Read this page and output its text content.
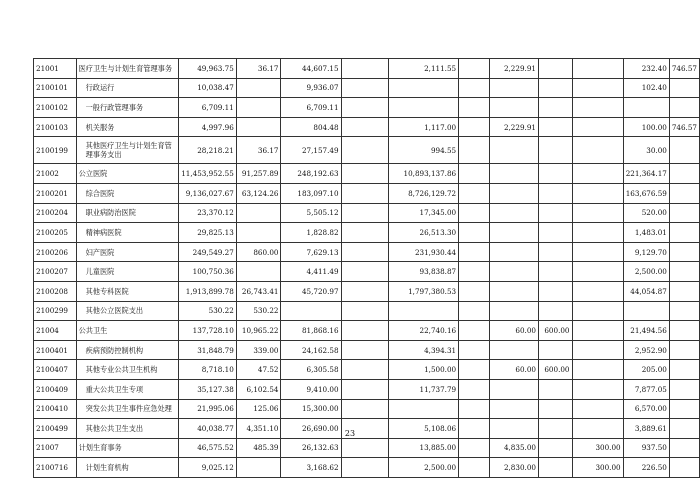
21001	医疗卫生与计划生育管理事务	49,963.75	36.17	44,607.15		2,111.55		2,229.91			232.40	746.57
2100101	行政运行	10,038.47		9,936.07							102.40	
2100102	一般行政管理事务	6,709.11		6,709.11								
2100103	机关服务	4,997.96		804.48		1,117.00		2,229.91			100.00	746.57
2100199	其他医疗卫生与计划生育管理事务支出	28,218.21	36.17	27,157.49		994.55					30.00	
21002	公立医院	11,453,952.55	91,257.89	248,192.63		10,893,137.86					221,364.17	
2100201	综合医院	9,136,027.67	63,124.26	183,097.10		8,726,129.72					163,676.59	
2100204	职业病防治医院	23,370.12		5,505.12		17,345.00					520.00	
2100205	精神病医院	29,825.13		1,828.82		26,513.30					1,483.01	
2100206	妇产医院	249,549.27	860.00	7,629.13		231,930.44					9,129.70	
2100207	儿童医院	100,750.36		4,411.49		93,838.87					2,500.00	
2100208	其他专科医院	1,913,899.78	26,743.41	45,720.97		1,797,380.53					44,054.87	
2100299	其他公立医院支出	530.22	530.22									
21004	公共卫生	137,728.10	10,965.22	81,868.16		22,740.16		60.00	600.00		21,494.56	
2100401	疾病预防控制机构	31,848.79	339.00	24,162.58		4,394.31					2,952.90	
2100407	其他专业公共卫生机构	8,718.10	47.52	6,305.58		1,500.00		60.00	600.00		205.00	
2100409	重大公共卫生专项	35,127.38	6,102.54	9,410.00		11,737.79					7,877.05	
2100410	突发公共卫生事件应急处理	21,995.06	125.06	15,300.00							6,570.00	
2100499	其他公共卫生支出	40,038.77	4,351.10	26,690.00		5,108.06					3,889.61	
21007	计划生育事务	46,575.52	485.39	26,132.63		13,885.00		4,835.00		300.00	937.50	
2100716	计划生育机构	9,025.12		3,168.62		2,500.00		2,830.00		300.00	226.50	
23
